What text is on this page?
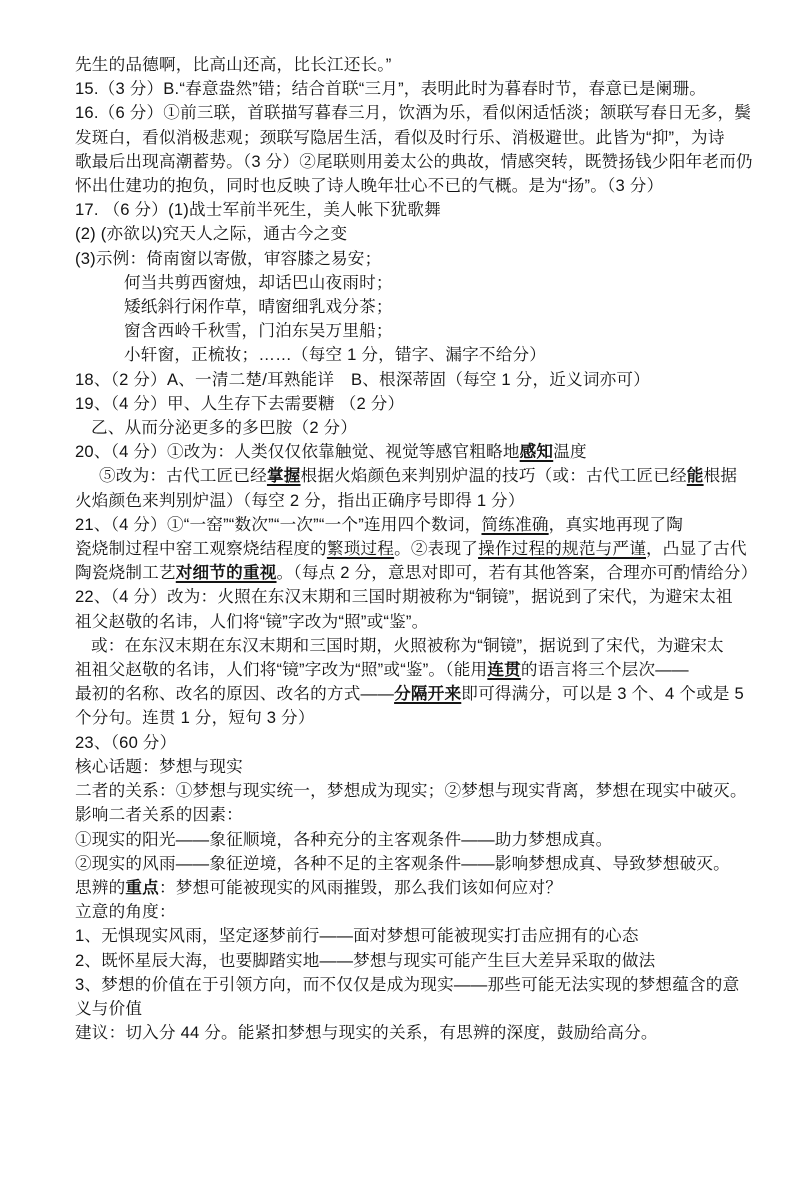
先生的品德啊，比高山还高，比长江还长。”
15.（3 分）B.“春意盎然”错；结合首联“三月”，表明此时为暮春时节，春意已是阑珊。
16.（6 分）①前三联，首联描写暮春三月，饮酒为乐，看似闲适恬淡；颔联写春日无多，鬓
发斑白，看似消极悲观；颈联写隐居生活，看似及时行乐、消极避世。此皆为“抑”，为诗
歌最后出现高潮蓄势。（3 分）②尾联则用姜太公的典故，情感突转，既赞扬钱少阳年老而仍
怀出仕建功的抱负，同时也反映了诗人晚年壮心不已的气概。是为“扬”。（3 分）
17. （6 分）(1)战士军前半死生，美人帐下犹歌舞
(2) (亦欲以)究天人之际，通古今之变
(3)示例：倚南窗以寄傲，审容膝之易安；
何当共剪西窗烛，却话巴山夜雨时；
矮纸斜行闲作草，晴窗细乳戏分茶；
窗含西岭千秋雪，门泊东吴万里船；
小轩窗，正梳妆；……（每空 1 分，错字、漏字不给分）
18、（2 分）A、一清二楚/耳熟能详　B、根深蒂固（每空 1 分，近义词亦可）
19、（4 分）甲、人生存下去需要糖 （2 分）
乙、从而分泌更多的多巴胺（2 分）
20、（4 分）①改为：人类仅仅依靠触觉、视觉等感官粗略地感知温度
⑤改为：古代工匠已经掌握根据火焰颜色来判别炉温的技巧（或：古代工匠已经能根据
火焰颜色来判别炉温）（每空 2 分，指出正确序号即得 1 分）
21、（4 分）①“一窑”“数次”“一次”“一个”连用四个数词，简练准确，真实地再现了陶
瓷烧制过程中窑工观察烧结程度的繁琐过程。②表现了操作过程的规范与严谨，凸显了古代
陶瓷烧制工艺对细节的重视。（每点 2 分，意思对即可，若有其他答案，合理亦可酌情给分）
22、（4 分）改为：火照在东汉末期和三国时期被称为“铜镜”，据说到了宋代，为避宋太祖
祖父赵敬的名讳，人们将“镜”字改为“照”或“鉴”。
或：在东汉末期在东汉末期和三国时期，火照被称为“铜镜”，据说到了宋代，为避宋太
祖祖父赵敬的名讳，人们将“镜”字改为“照”或“鉴”。（能用连贯的语言将三个层次——
最初的名称、改名的原因、改名的方式——分隔开来即可得满分，可以是 3 个、4 个或是 5
个分句。连贯 1 分，短句 3 分）
23、（60 分）
核心话题：梦想与现实
二者的关系：①梦想与现实统一，梦想成为现实；②梦想与现实背离，梦想在现实中破灭。
影响二者关系的因素：
①现实的阳光——象征顺境，各种充分的主客观条件——助力梦想成真。
②现实的风雨——象征逆境，各种不足的主客观条件——影响梦想成真、导致梦想破灭。
思辨的重点：梦想可能被现实的风雨摧毁，那么我们该如何应对？
立意的角度：
1、无惧现实风雨，坚定逐梦前行——面对梦想可能被现实打击应拥有的心态
2、既怀星辰大海，也要脚踏实地——梦想与现实可能产生巨大差异采取的做法
3、梦想的价值在于引领方向，而不仅仅是成为现实——那些可能无法实现的梦想蕴含的意
义与价值
建议：切入分 44 分。能紧扣梦想与现实的关系，有思辨的深度，鼓励给高分。
